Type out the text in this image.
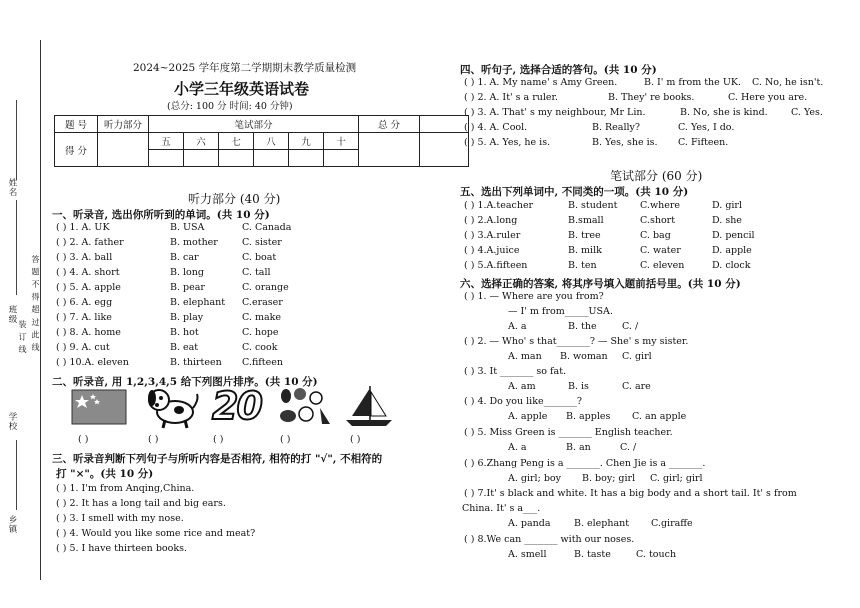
姓名
班级
学校
乡镇
装 订 线 答 题 不 得 超 过 此 线
2024~2025 学年度第二学期期末教学质量检测
小学三年级英语试卷
(总分: 100 分 时间: 40 分钟)
题 号	听力部分	笔试部分						总 分	
得 分		五	六	七	八	九	十		

听力部分 (40 分)
一、听录音, 选出你所听到的单词。(共 10 分)
( ) 1. A. UK	B. USA	C. Canada
( ) 2. A. father	B. mother	C. sister
( ) 3. A. ball	B. car	C. boat
( ) 4. A. short	B. long	C. tall
( ) 5. A. apple	B. pear	C. orange
( ) 6. A. egg	B. elephant C.eraser
( ) 7. A. like	B. play	C. make
( ) 8. A. home	B. hot	C. hope
( ) 9. A. cut	B. eat	C. cook
( ) 10.A. eleven	B. thirteen C.fifteen
二、听录音, 用 1,2,3,4,5 给下列图片排序。(共 10 分)
20
( )	( )	( )	( )	( )
三、听录音判断下列句子与所听内容是否相符, 相符的打 "√", 不相符的
打 "×"。(共 10 分)
( ) 1. I'm from Anqing,China.
( ) 2. It has a long tail and big ears.
( ) 3. I smell with my nose.
( ) 4. Would you like some rice and meat?
( ) 5. I have thirteen books.
四、听句子, 选择合适的答句。(共 10 分)
( ) 1. A. My name' s Amy Green.	B. I' m from the UK. C. No, he isn't.
( ) 2. A. It' s a ruler.	B. They' re books.	C. Here you are.
( ) 3. A. That' s my neighbour, Mr Lin.	B. No, she is kind. C. Yes.
( ) 4. A. Cool.	B. Really?	C. Yes, I do.
( ) 5. A. Yes, he is.	B. Yes, she is. C. Fifteen.
笔试部分 (60 分)
五、选出下列单词中, 不同类的一项。(共 10 分)
( ) 1.A.teacher	B. student C.where	D. girl
( ) 2.A.long	B.small	C.short	D. she
( ) 3.A.ruler	B. tree	C. bag	D. pencil
( ) 4.A.juice	B. milk	C. water	D. apple
( ) 5.A.fifteen	B. ten	C. eleven	D. clock
六、选择正确的答案, 将其序号填入题前括号里。(共 10 分)
( ) 1. — Where are you from?
— I' m from_____USA.
A. a	B. the	C. /
( ) 2. — Who' s that_______? — She' s my sister.
A. man B. woman C. girl
( ) 3. It _______ so fat.
A. am	B. is	C. are
( ) 4. Do you like_______?
A. apple B. apples C. an apple
( ) 5. Miss Green is _______ English teacher.
A. a	B. an	C. /
( ) 6.Zhang Peng is a _______. Chen Jie is a _______.
A. girl; boy B. boy; girl C. girl; girl
( ) 7.It' s black and white. It has a big body and a short tail. It' s from
China. It' s a___.
A. panda B. elephant C.giraffe
( ) 8.We can _______ with our noses.
A. smell	B. taste	C. touch
